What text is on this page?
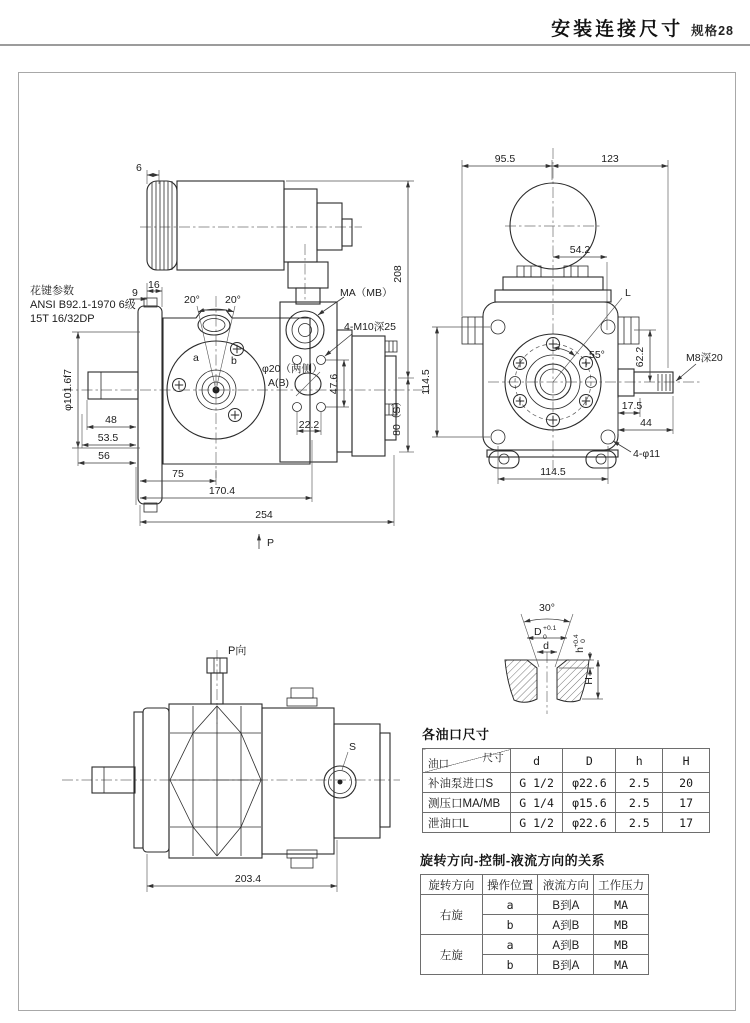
安装连接尺寸 规格28
6
20° 20°
a	b
16
9
花键参数
ANSI B92.1-1970 6级
15T 16/32DP
φ101.6f7
φ20（两侧）
A(B)
MA（MB）
4-M10深25
47.6
22.2
208
80（S）
48
53.5
56
75
170.4
254
P
95.5	123
54.2
L
55°	M8深20
62.2
17.5
44
114.5
4-φ11
114.5
P向
S
203.4
30°
D +0.1
0
d h
+0.4 0
H
各油口尺寸
尺寸
油口	d	D	h	H
补油泵进口S	G 1/2	φ22.6	2.5	20
测压口MA/MB	G 1/4	φ15.6	2.5	17
泄油口L	G 1/2	φ22.6	2.5	17
旋转方向-控制-液流方向的关系
旋转方向	操作位置	液流方向	工作压力
右旋	a	B到A	MA
	b	A到B	MB
左旋	a	A到B	MB
	b	B到A	MA
